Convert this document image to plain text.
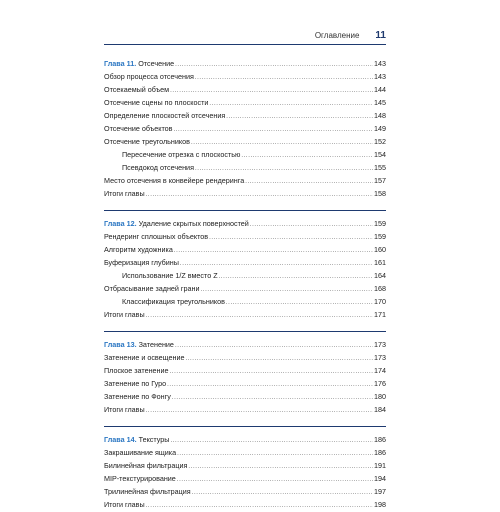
Оглавление 11
Глава 11. Отсечение .....	143
Обзор процесса отсечения .....	143
Отсекаемый объем .....	144
Отсечение сцены по плоскости .....	145
Определение плоскостей отсечения .....	148
Отсечение объектов .....	149
Отсечение треугольников .....	152
Пересечение отрезка с плоскостью .....	154
Псевдокод отсечения .....	155
Место отсечения в конвейере рендеринга .....	157
Итоги главы .....	158
Глава 12. Удаление скрытых поверхностей .....	159
Рендеринг сплошных объектов .....	159
Алгоритм художника .....	160
Буферизация глубины .....	161
Использование 1/Z вместо Z .....	164
Отбрасывание задней грани .....	168
Классификация треугольников .....	170
Итоги главы .....	171
Глава 13. Затенение .....	173
Затенение и освещение .....	173
Плоское затенение .....	174
Затенение по Гуро .....	176
Затенение по Фонгу .....	180
Итоги главы .....	184
Глава 14. Текстуры .....	186
Закрашивание ящика .....	186
Билинейная фильтрация .....	191
MIP-текстурирование .....	194
Трилинейная фильтрация .....	197
Итоги главы .....	198
